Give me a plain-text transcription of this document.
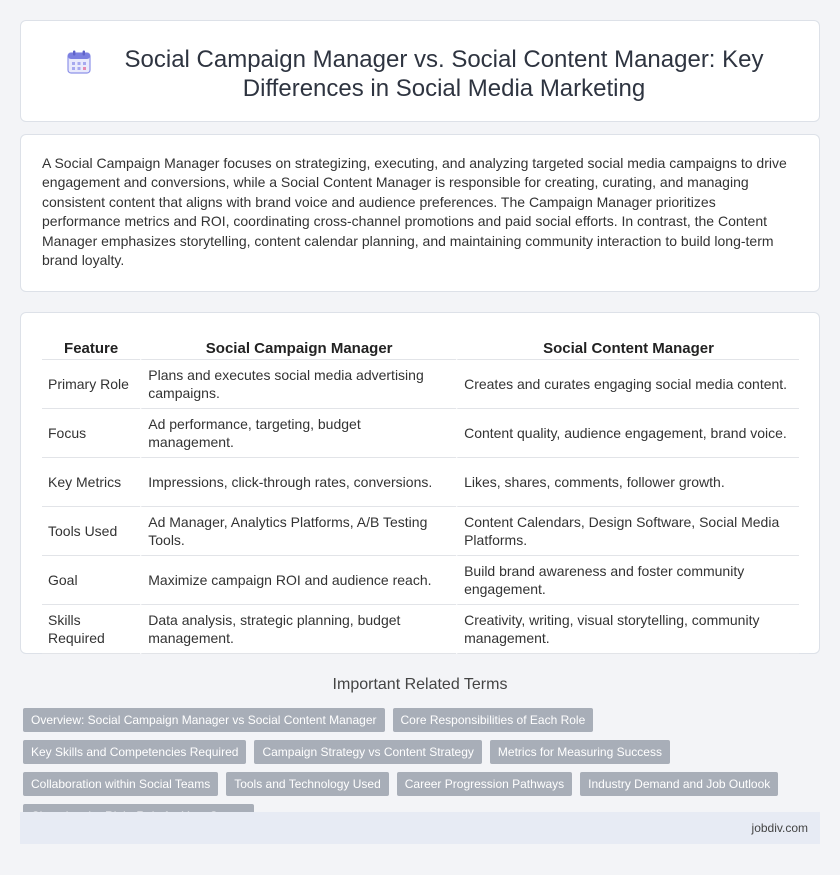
Social Campaign Manager vs. Social Content Manager: Key Differences in Social Media Marketing

A Social Campaign Manager focuses on strategizing, executing, and analyzing targeted social media campaigns to drive engagement and conversions, while a Social Content Manager is responsible for creating, curating, and managing consistent content that aligns with brand voice and audience preferences. The Campaign Manager prioritizes performance metrics and ROI, coordinating cross-channel promotions and paid social efforts. In contrast, the Content Manager emphasizes storytelling, content calendar planning, and maintaining community interaction to build long-term brand loyalty.

Feature	Social Campaign Manager	Social Content Manager
Primary Role	Plans and executes social media advertising campaigns.	Creates and curates engaging social media content.
Focus	Ad performance, targeting, budget management.	Content quality, audience engagement, brand voice.
Key Metrics	Impressions, click-through rates, conversions.	Likes, shares, comments, follower growth.
Tools Used	Ad Manager, Analytics Platforms, A/B Testing Tools.	Content Calendars, Design Software, Social Media Platforms.
Goal	Maximize campaign ROI and audience reach.	Build brand awareness and foster community engagement.
Skills Required	Data analysis, strategic planning, budget management.	Creativity, writing, visual storytelling, community management.
Important Related Terms
Overview: Social Campaign Manager vs Social Content Manager	Core Responsibilities of Each Role
Key Skills and Competencies Required	Campaign Strategy vs Content Strategy	Metrics for Measuring Success
Collaboration within Social Teams	Tools and Technology Used	Career Progression Pathways	Industry Demand and Job Outlook
jobdiv.com
